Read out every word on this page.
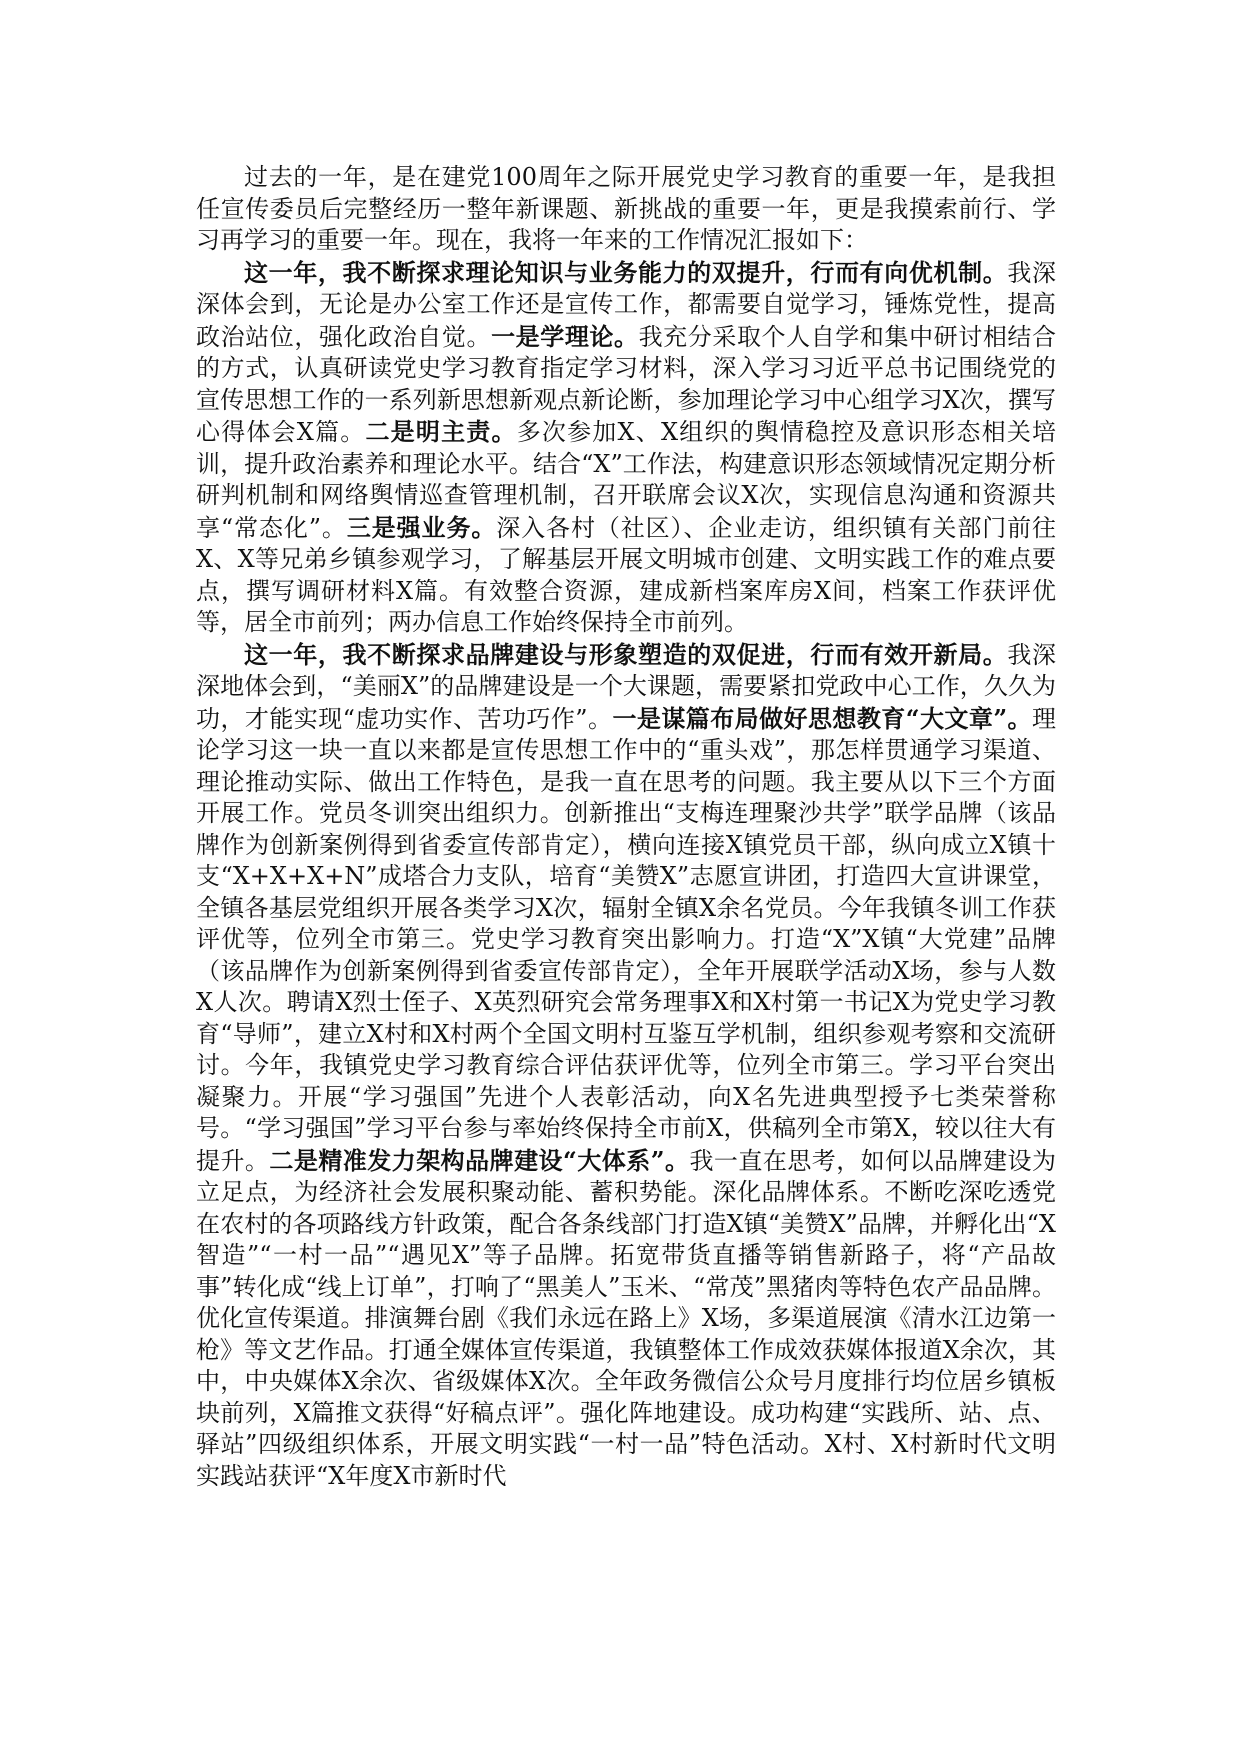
过去的一年，是在建党100周年之际开展党史学习教育的重要一年，是我担任宣传委员后完整经历一整年新课题、新挑战的重要一年，更是我摸索前行、学习再学习的重要一年。现在，我将一年来的工作情况汇报如下：

这一年，我不断探求理论知识与业务能力的双提升，行而有向优机制。我深深体会到，无论是办公室工作还是宣传工作，都需要自觉学习，锤炼党性，提高政治站位，强化政治自觉。一是学理论。我充分采取个人自学和集中研讨相结合的方式，认真研读党史学习教育指定学习材料，深入学习习近平总书记围绕党的宣传思想工作的一系列新思想新观点新论断，参加理论学习中心组学习X次，撰写心得体会X篇。二是明主责。多次参加X、X组织的舆情稳控及意识形态相关培训，提升政治素养和理论水平。结合“X”工作法，构建意识形态领域情况定期分析研判机制和网络舆情巡查管理机制，召开联席会议X次，实现信息沟通和资源共享“常态化”。三是强业务。深入各村（社区）、企业走访，组织镇有关部门前往X、X等兄弟乡镇参观学习，了解基层开展文明城市创建、文明实践工作的难点要点，撰写调研材料X篇。有效整合资源，建成新档案库房X间，档案工作获评优等，居全市前列；两办信息工作始终保持全市前列。

这一年，我不断探求品牌建设与形象塑造的双促进，行而有效开新局。我深深地体会到，“美丽X”的品牌建设是一个大课题，需要紧扣党政中心工作，久久为功，才能实现“虚功实作、苦功巧作”。一是谋篇布局做好思想教育“大文章”。理论学习这一块一直以来都是宣传思想工作中的“重头戏”，那怎样贯通学习渠道、理论推动实际、做出工作特色，是我一直在思考的问题。我主要从以下三个方面开展工作。党员冬训突出组织力。创新推出“支梅连理聚沙共学”联学品牌（该品牌作为创新案例得到省委宣传部肯定），横向连接X镇党员干部，纵向成立X镇十支“X+X+X+N”成塔合力支队，培育“美赞X”志愿宣讲团，打造四大宣讲课堂，全镇各基层党组织开展各类学习X次，辐射全镇X余名党员。今年我镇冬训工作获评优等，位列全市第三。党史学习教育突出影响力。打造“X”X镇“大党建”品牌（该品牌作为创新案例得到省委宣传部肯定），全年开展联学活动X场，参与人数X人次。聘请X烈士侄子、X英烈研究会常务理事X和X村第一书记X为党史学习教育“导师”，建立X村和X村两个全国文明村互鉴互学机制，组织参观考察和交流研讨。今年，我镇党史学习教育综合评估获评优等，位列全市第三。学习平台突出凝聚力。开展“学习强国”先进个人表彰活动，向X名先进典型授予七类荣誉称号。“学习强国”学习平台参与率始终保持全市前X，供稿列全市第X，较以往大有提升。二是精准发力架构品牌建设“大体系”。我一直在思考，如何以品牌建设为立足点，为经济社会发展积聚动能、蓄积势能。深化品牌体系。不断吃深吃透党在农村的各项路线方针政策，配合各条线部门打造X镇“美赞X”品牌，并孵化出“X智造”“一村一品”“遇见X”等子品牌。拓宽带货直播等销售新路子，将“产品故事”转化成“线上订单”，打响了“黑美人”玉米、“常茂”黑猪肉等特色农产品品牌。优化宣传渠道。排演舞台剧《我们永远在路上》X场，多渠道展演《清水江边第一枪》等文艺作品。打通全媒体宣传渠道，我镇整体工作成效获媒体报道X余次，其中，中央媒体X余次、省级媒体X次。全年政务微信公众号月度排行均位居乡镇板块前列，X篇推文获得“好稿点评”。强化阵地建设。成功构建“实践所、站、点、驿站”四级组织体系，开展文明实践“一村一品”特色活动。X村、X村新时代文明实践站获评“X年度X市新时代
